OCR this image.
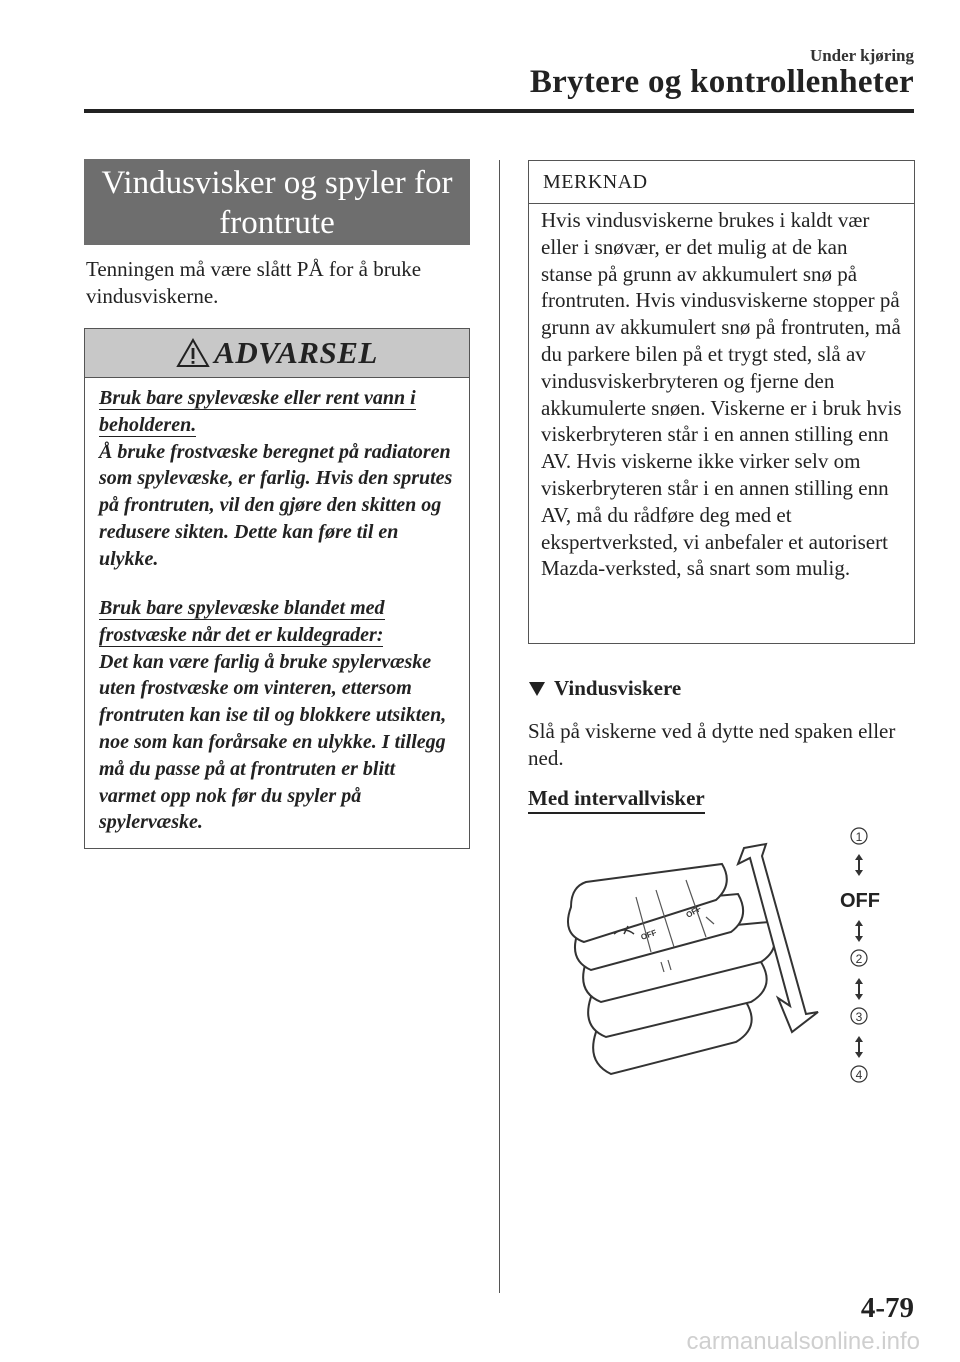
Under kjøring
Brytere og kontrollenheter
Vindusvisker og spyler for
frontrute

Tenningen må være slått PÅ for å bruke vindusviskerne.

ADVARSEL
Bruk bare spylevæske eller rent vann i beholderen.
Å bruke frostvæske beregnet på radiatoren som spylevæske, er farlig. Hvis den sprutes på frontruten, vil den gjøre den skitten og redusere sikten. Dette kan føre til en ulykke.
Bruk bare spylevæske blandet med frostvæske når det er kuldegrader:
Det kan være farlig å bruke spylervæske uten frostvæske om vinteren, ettersom frontruten kan ise til og blokkere utsikten, noe som kan forårsake en ulykke. I tillegg må du passe på at frontruten er blitt varmet opp nok før du spyler på spylervæske.
MERKNAD
Hvis vindusviskerne brukes i kaldt vær eller i snøvær, er det mulig at de kan stanse på grunn av akkumulert snø på frontruten. Hvis vindusviskerne stopper på grunn av akkumulert snø på frontruten, må du parkere bilen på et trygt sted, slå av vindusviskerbryteren og fjerne den akkumulerte snøen. Viskerne er i bruk hvis viskerbryteren står i en annen stilling enn AV. Hvis viskerne ikke virker selv om viskerbryteren står i en annen stilling enn AV, må du rådføre deg med et ekspertverksted, vi anbefaler et autorisert Mazda-verksted, så snart som mulig.
Vindusviskere

Slå på viskerne ved å dytte ned spaken eller ned.

Med intervallvisker
OFF
OFF
1
OFF
2
3
4
4-79
carmanualsonline.info
